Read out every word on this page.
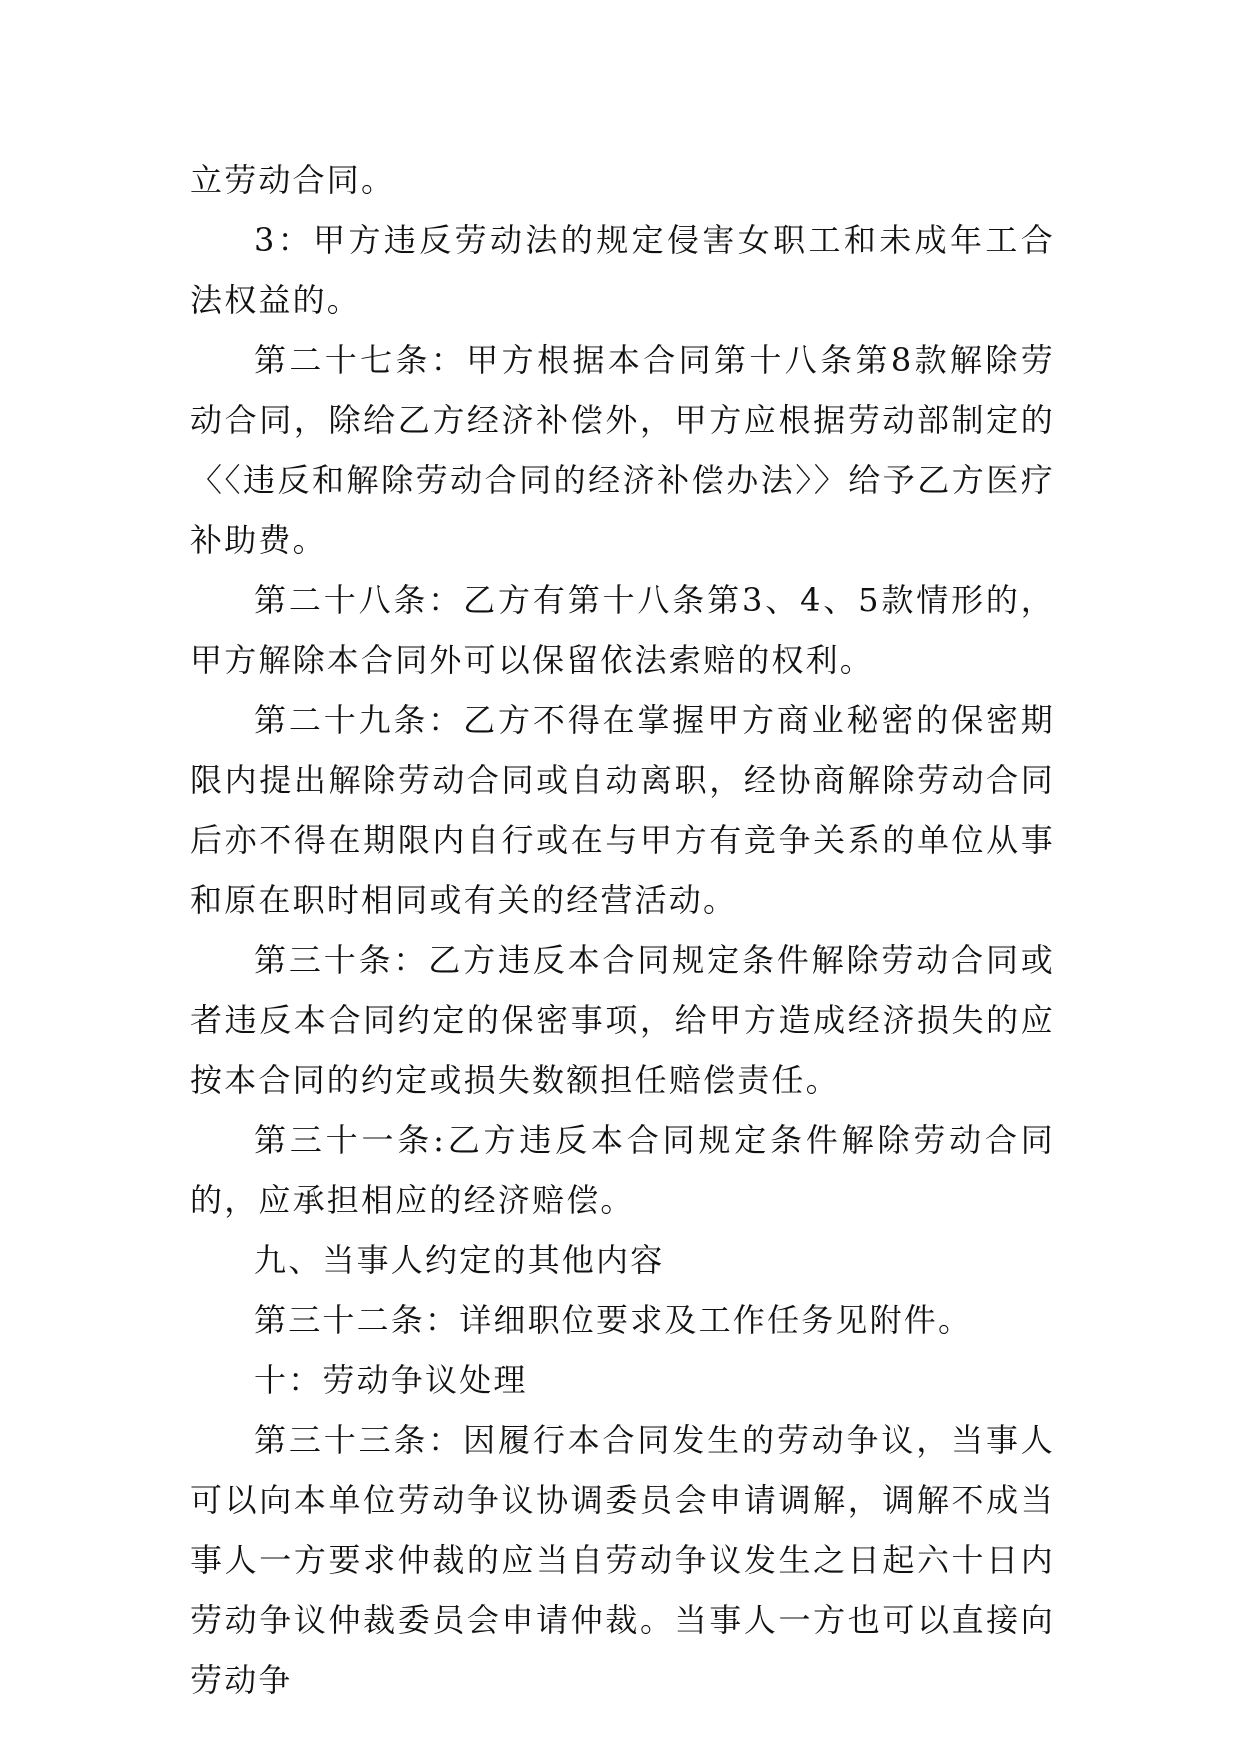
立劳动合同。

3：甲方违反劳动法的规定侵害女职工和未成年工合法权益的。

第二十七条：甲方根据本合同第十八条第8款解除劳动合同，除给乙方经济补偿外，甲方应根据劳动部制定的〈〈违反和解除劳动合同的经济补偿办法〉〉给予乙方医疗补助费。

第二十八条：乙方有第十八条第3、4、5款情形的，甲方解除本合同外可以保留依法索赔的权利。

第二十九条：乙方不得在掌握甲方商业秘密的保密期限内提出解除劳动合同或自动离职，经协商解除劳动合同后亦不得在期限内自行或在与甲方有竞争关系的单位从事和原在职时相同或有关的经营活动。

第三十条：乙方违反本合同规定条件解除劳动合同或者违反本合同约定的保密事项，给甲方造成经济损失的应按本合同的约定或损失数额担任赔偿责任。

第三十一条:乙方违反本合同规定条件解除劳动合同的，应承担相应的经济赔偿。

九、当事人约定的其他内容

第三十二条：详细职位要求及工作任务见附件。

十：劳动争议处理

第三十三条：因履行本合同发生的劳动争议，当事人可以向本单位劳动争议协调委员会申请调解，调解不成当事人一方要求仲裁的应当自劳动争议发生之日起六十日内劳动争议仲裁委员会申请仲裁。当事人一方也可以直接向劳动争
